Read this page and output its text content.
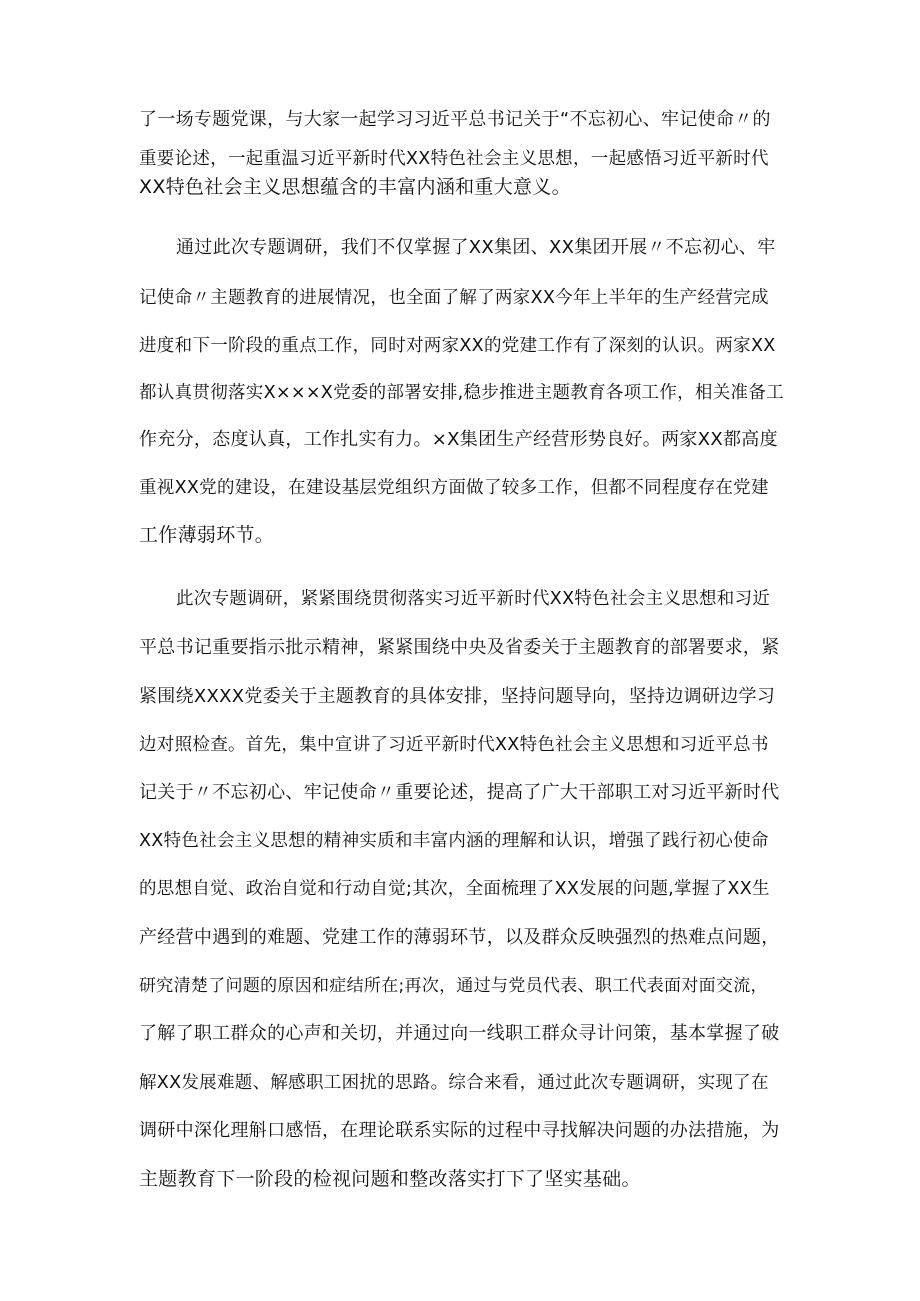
了一场专题党课，与大家一起学习习近平总书记关于“不忘初心、牢记使命〃的
重要论述，一起重温习近平新时代XX特色社会主义思想，一起感悟习近平新时代
XX特色社会主义思想蕴含的丰富内涵和重大意义。
通过此次专题调研，我们不仅掌握了XX集团、XX集团开展〃不忘初心、牢
记使命〃主题教育的进展情况，也全面了解了两家XX今年上半年的生产经营完成
进度和下一阶段的重点工作，同时对两家XX的党建工作有了深刻的认识。两家XX
都认真贯彻落实X×××X党委的部署安排,稳步推进主题教育各项工作，相关准备工
作充分，态度认真，工作扎实有力。×X集团生产经营形势良好。两家XX都高度
重视XX党的建设，在建设基层党组织方面做了较多工作，但都不同程度存在党建
工作薄弱环节。
此次专题调研，紧紧围绕贯彻落实习近平新时代XX特色社会主义思想和习近
平总书记重要指示批示精神，紧紧围绕中央及省委关于主题教育的部署要求，紧
紧围绕XXXX党委关于主题教育的具体安排，坚持问题导向，坚持边调研边学习
边对照检查。首先，集中宣讲了习近平新时代XX特色社会主义思想和习近平总书
记关于〃不忘初心、牢记使命〃重要论述，提高了广大干部职工对习近平新时代
XX特色社会主义思想的精神实质和丰富内涵的理解和认识，增强了践行初心使命
的思想自觉、政治自觉和行动自觉;其次，全面梳理了XX发展的问题,掌握了XX生
产经营中遇到的难题、党建工作的薄弱环节，以及群众反映强烈的热难点问题，
研究清楚了问题的原因和症结所在;再次，通过与党员代表、职工代表面对面交流，
了解了职工群众的心声和关切，并通过向一线职工群众寻计问策，基本掌握了破
解XX发展难题、解感职工困扰的思路。综合来看，通过此次专题调研，实现了在
调研中深化理斛口感悟，在理论联系实际的过程中寻找解决问题的办法措施，为
主题教育下一阶段的检视问题和整改落实打下了坚实基础。
